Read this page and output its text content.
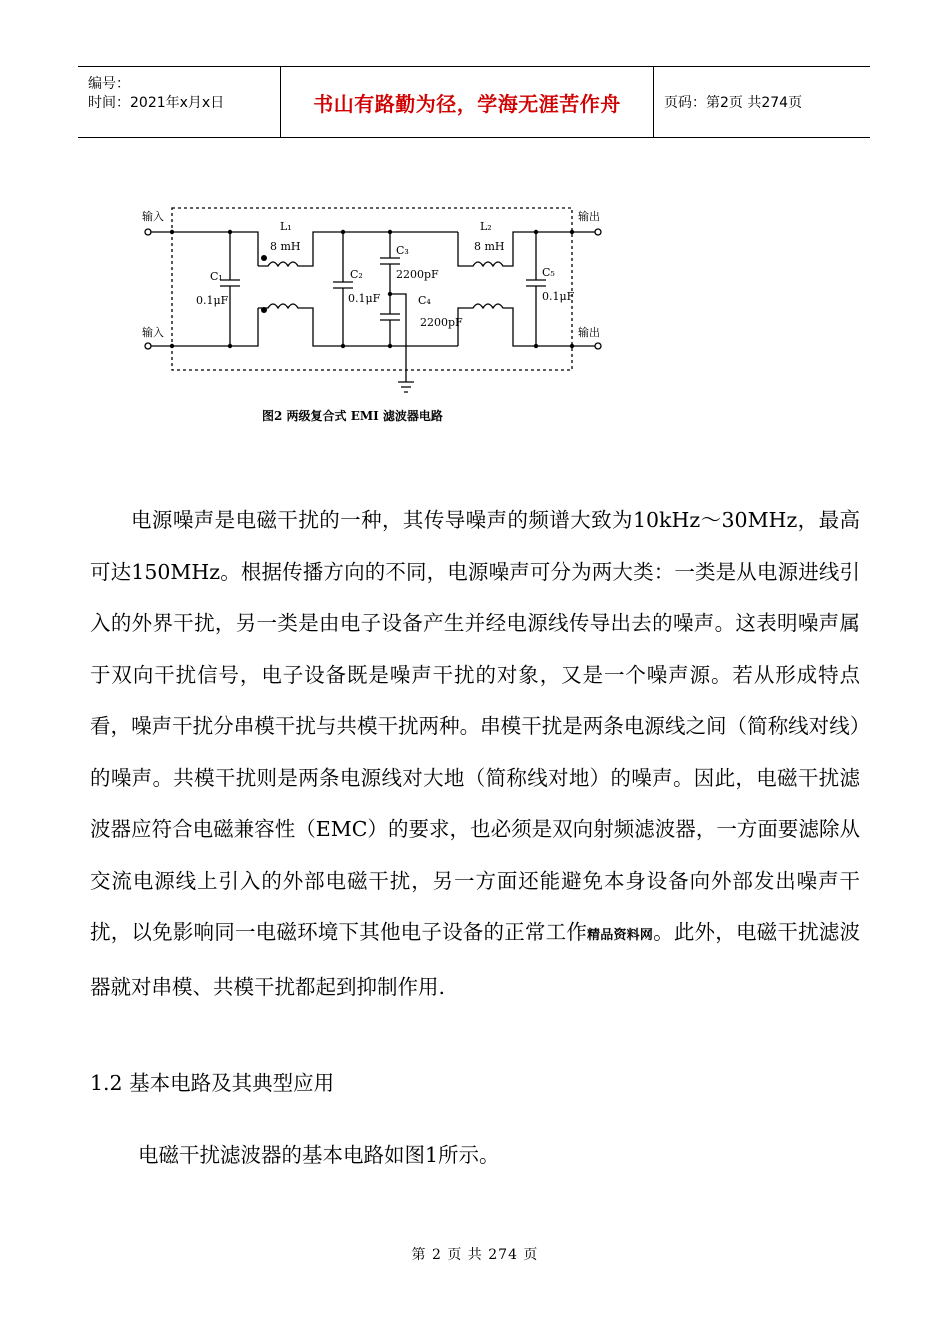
编号：
时间：2021年x月x日	书山有路勤为径，学海无涯苦作舟	页码：第2页 共274页
输入
输入
输出
输出
L₁
8 mH
L₂
8 mH
C₁
0.1μF
C₂
0.1μF
C₃
2200pF
C₄
2200pF
C₅
0.1μF
图2 两级复合式 EMI 滤波器电路

电源噪声是电磁干扰的一种，其传导噪声的频谱大致为10kHz～30MHz，最高可达150MHz。根据传播方向的不同，电源噪声可分为两大类：一类是从电源进线引入的外界干扰，另一类是由电子设备产生并经电源线传导出去的噪声。这表明噪声属于双向干扰信号，电子设备既是噪声干扰的对象，又是一个噪声源。若从形成特点看，噪声干扰分串模干扰与共模干扰两种。串模干扰是两条电源线之间（简称线对线）的噪声。共模干扰则是两条电源线对大地（简称线对地）的噪声。因此，电磁干扰滤波器应符合电磁兼容性（EMC）的要求，也必须是双向射频滤波器，一方面要滤除从交流电源线上引入的外部电磁干扰，另一方面还能避免本身设备向外部发出噪声干扰，以免影响同一电磁环境下其他电子设备的正常工作精品资料网。此外，电磁干扰滤波器就对串模、共模干扰都起到抑制作用.

1.2 基本电路及其典型应用
电磁干扰滤波器的基本电路如图1所示。
第 2 页 共 274 页
